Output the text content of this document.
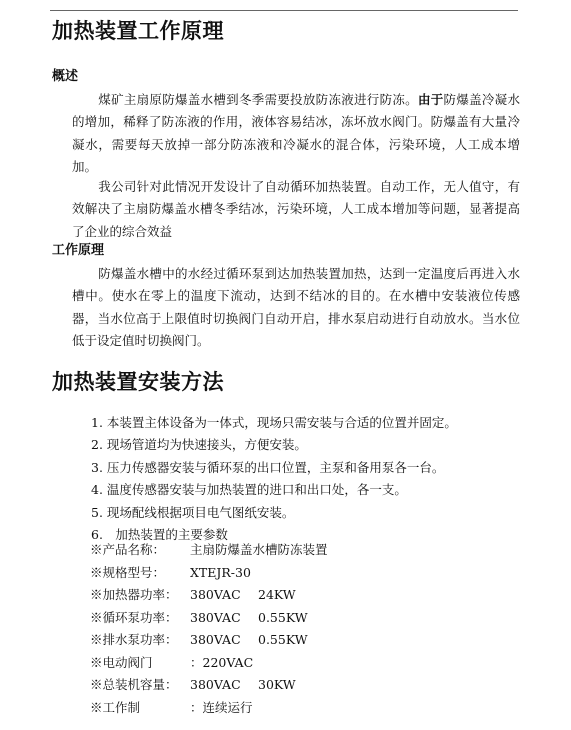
加热装置工作原理
概述

煤矿主扇原防爆盖水槽到冬季需要投放防冻液进行防冻。由于防爆盖冷凝水的增加，稀释了防冻液的作用，液体容易结冰，冻坏放水阀门。防爆盖有大量冷凝水，需要每天放掉一部分防冻液和冷凝水的混合体，污染环境，人工成本增加。

我公司针对此情况开发设计了自动循环加热装置。自动工作，无人值守，有效解决了主扇防爆盖水槽冬季结冰，污染环境，人工成本增加等问题，显著提高了企业的综合效益

工作原理

防爆盖水槽中的水经过循环泵到达加热装置加热，达到一定温度后再进入水槽中。使水在零上的温度下流动，达到不结冰的目的。在水槽中安装液位传感器，当水位高于上限值时切换阀门自动开启，排水泵启动进行自动放水。当水位低于设定值时切换阀门。

加热装置安装方法
1. 本装置主体设备为一体式，现场只需安装与合适的位置并固定。
2. 现场管道均为快速接头，方便安装。
3. 压力传感器安装与循环泵的出口位置，主泵和备用泵各一台。
4. 温度传感器安装与加热装置的进口和出口处，各一支。
5. 现场配线根据项目电气图纸安装。
6.　加热装置的主要参数
※产品名称： 主扇防爆盖水槽防冻装置
※规格型号： XTEJR-30
※加热器功率： 380VAC 24KW
※循环泵功率： 380VAC 0.55KW
※排水泵功率： 380VAC 0.55KW
※电动阀门	：220VAC
※总装机容量： 380VAC 30KW
※工作制	：连续运行
